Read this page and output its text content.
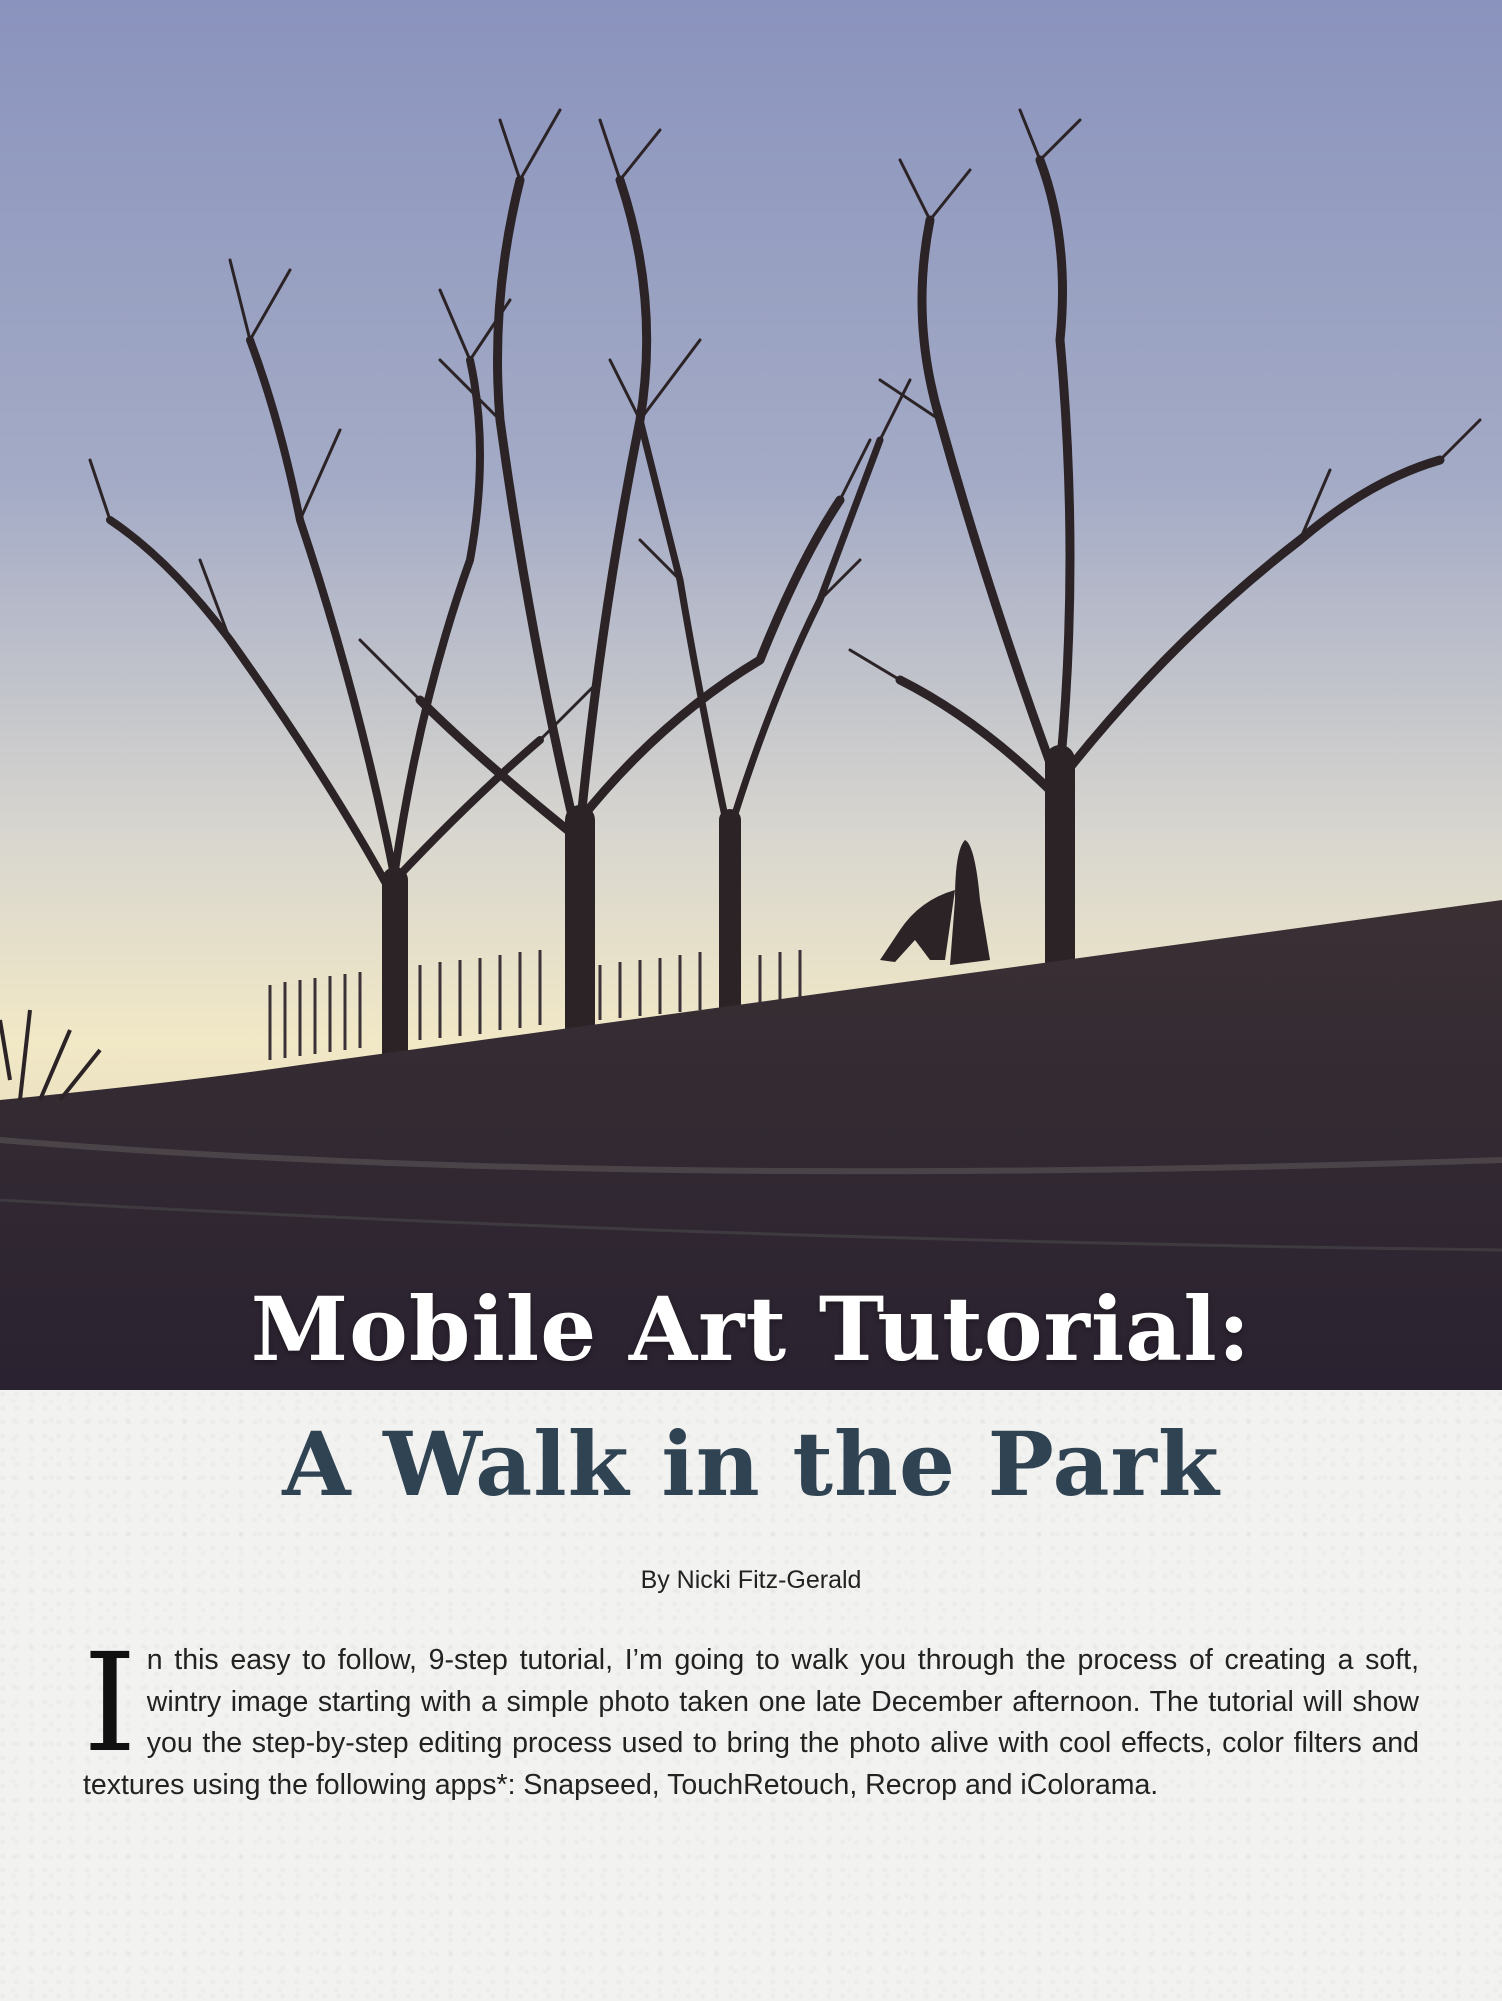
Mobile Art Tutorial:
A Walk in the Park
By Nicki Fitz-Gerald

In this easy to follow, 9-step tutorial, I’m going to walk you through the process of creating a soft, wintry image starting with a simple photo taken one late December afternoon. The tutorial will show you the step-by-step editing process used to bring the photo alive with cool effects, color filters and textures using the following apps*: Snapseed, TouchRetouch, Recrop and iColorama.
